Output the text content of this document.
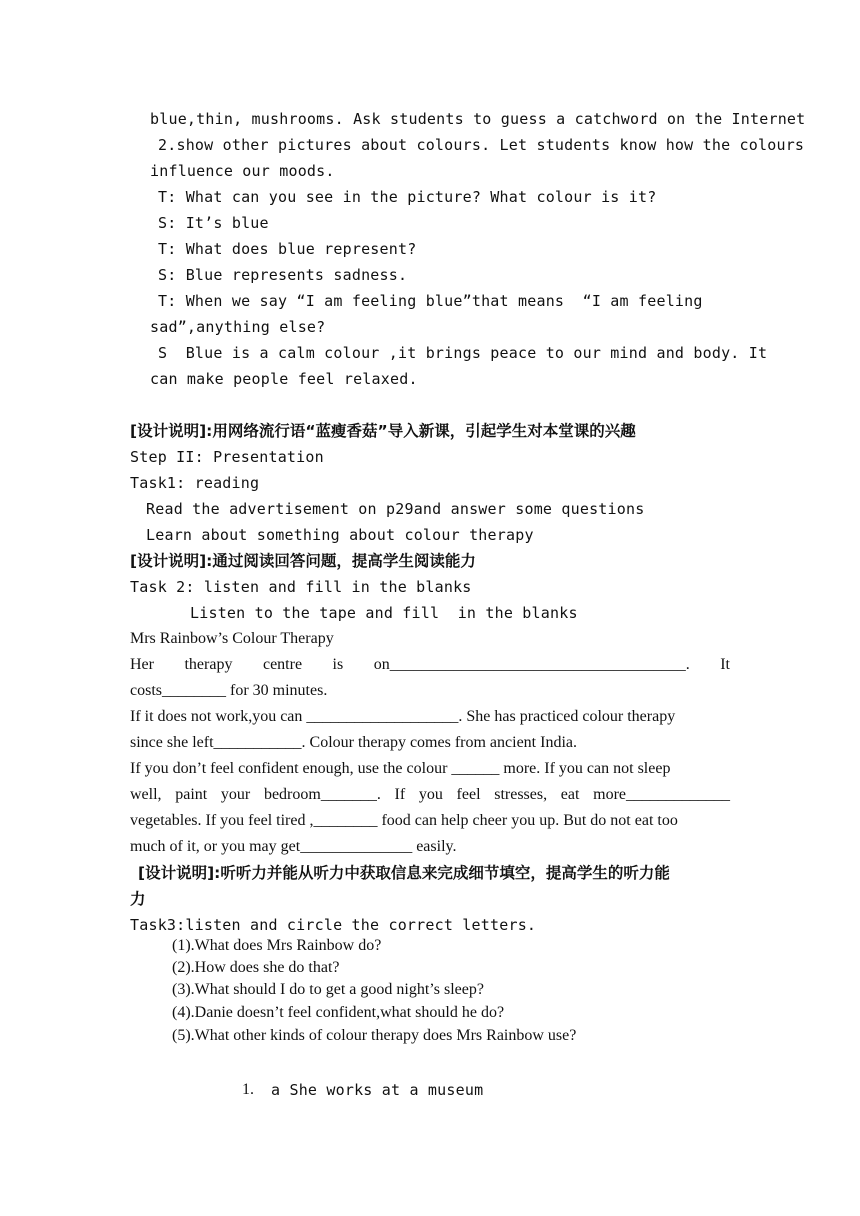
blue,thin, mushrooms. Ask students to guess a catchword on the Internet
2.show other pictures about colours. Let students know how the colours
influence our moods.
T: What can you see in the picture? What colour is it?
S: It’s blue
T: What does blue represent?
S: Blue represents sadness.
T: When we say “I am feeling blue”that means  “I am feeling
sad”,anything else?
S  Blue is a calm colour ,it brings peace to our mind and body. It
can make people feel relaxed.
[设计说明]:用网络流行语“蓝瘦香菇”导入新课，引起学生对本堂课的兴趣
Step II: Presentation
Task1: reading
Read the advertisement on p29and answer some questions
Learn about something about colour therapy
[设计说明]:通过阅读回答问题，提高学生阅读能力
Task 2: listen and fill in the blanks
Listen to the tape and fill  in the blanks
Mrs Rainbow’s Colour Therapy
Her therapy centre is on_____________________________________. It
costs________ for 30 minutes.
If it does not work,you can ___________________. She has practiced colour therapy
since she left___________. Colour therapy comes from ancient India.
If you don’t feel confident enough, use the colour ______ more. If you can not sleep
well, paint your bedroom_______. If you feel stresses, eat more_____________
vegetables. If you feel tired ,________ food can help cheer you up. But do not eat too
much of it, or you may get______________ easily.
[设计说明]:听听力并能从听力中获取信息来完成细节填空，提高学生的听力能
力
Task3:listen and circle the correct letters.
(1).What does Mrs Rainbow do?
(2).How does she do that?
(3).What should I do to get a good night’s sleep?
(4).Danie doesn’t feel confident,what should he do?
(5).What other kinds of colour therapy does Mrs Rainbow use?
1. a She works at a museum
